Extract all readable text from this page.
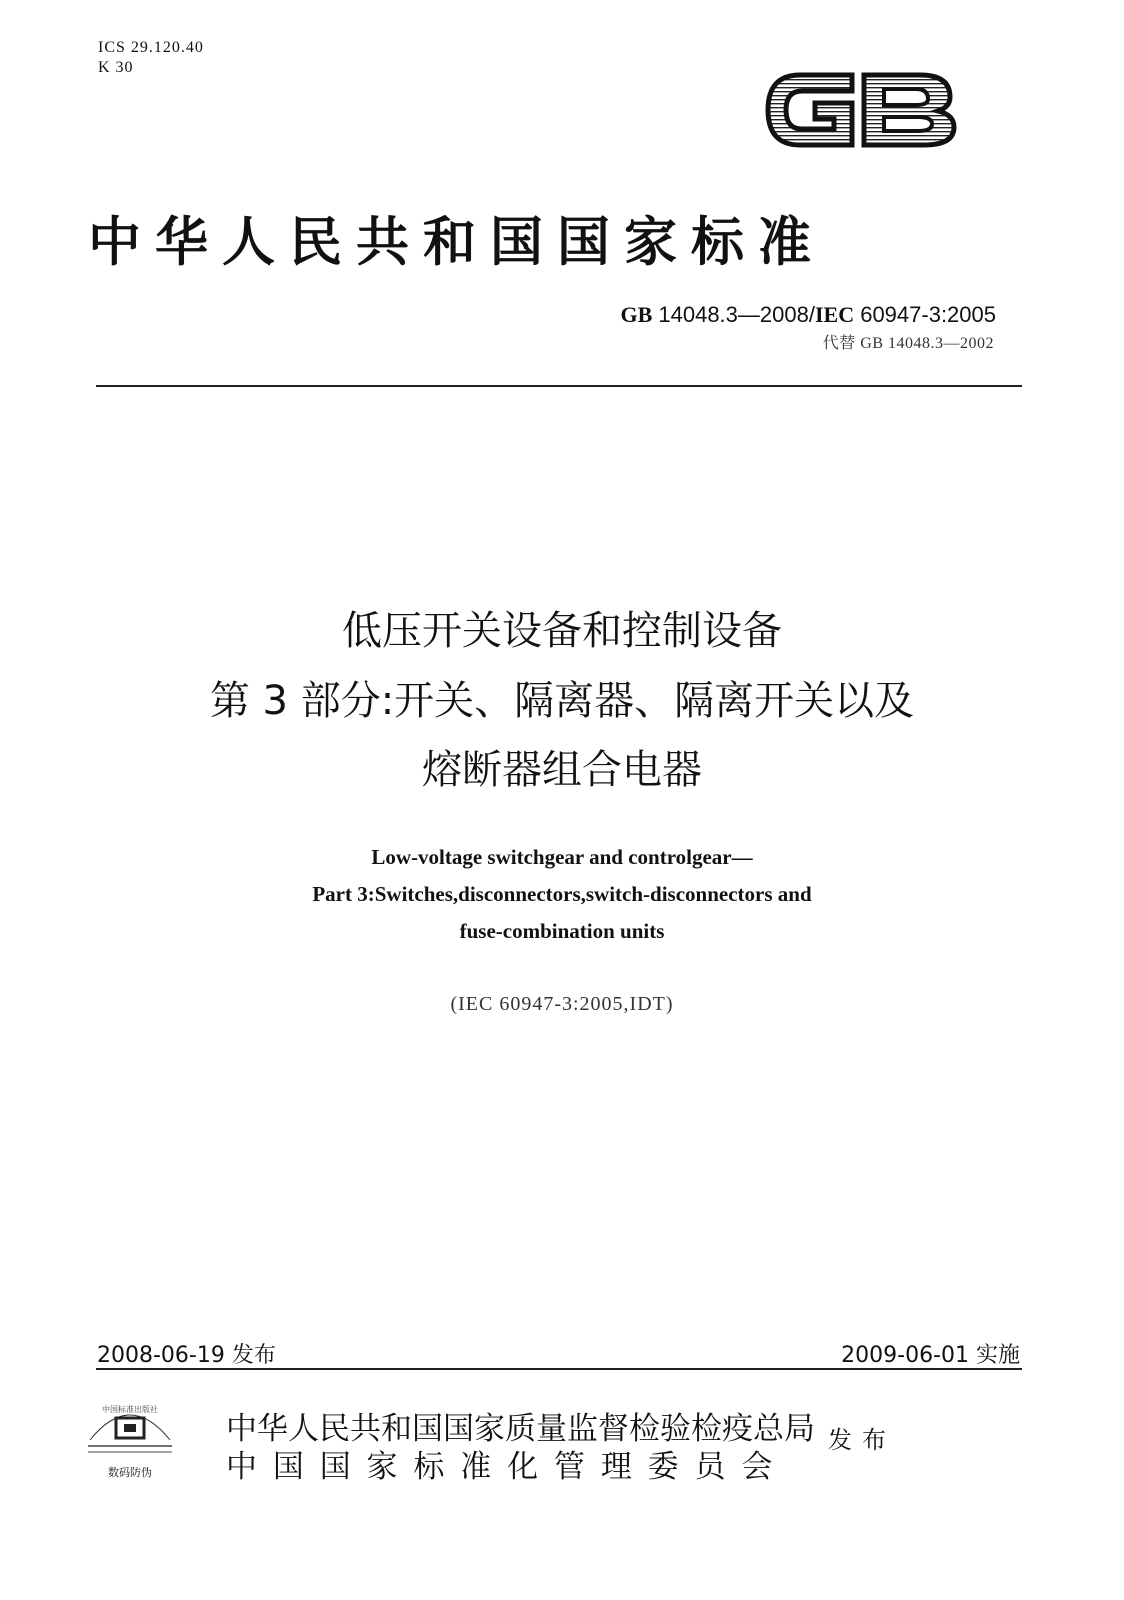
ICS 29.120.40
K 30
中华人民共和国国家标准
GB 14048.3—2008/IEC 60947-3:2005
代替 GB 14048.3—2002
低压开关设备和控制设备
第 3 部分:开关、隔离器、隔离开关以及
熔断器组合电器
Low-voltage switchgear and controlgear—
Part 3:Switches,disconnectors,switch-disconnectors and
fuse-combination units
(IEC 60947-3:2005,IDT)
2008-06-19 发布	2009-06-01 实施
中国标准出版社
数码防伪
中华人民共和国国家质量监督检验检疫总局
中 国 国 家 标 准 化 管 理 委 员 会
发布
